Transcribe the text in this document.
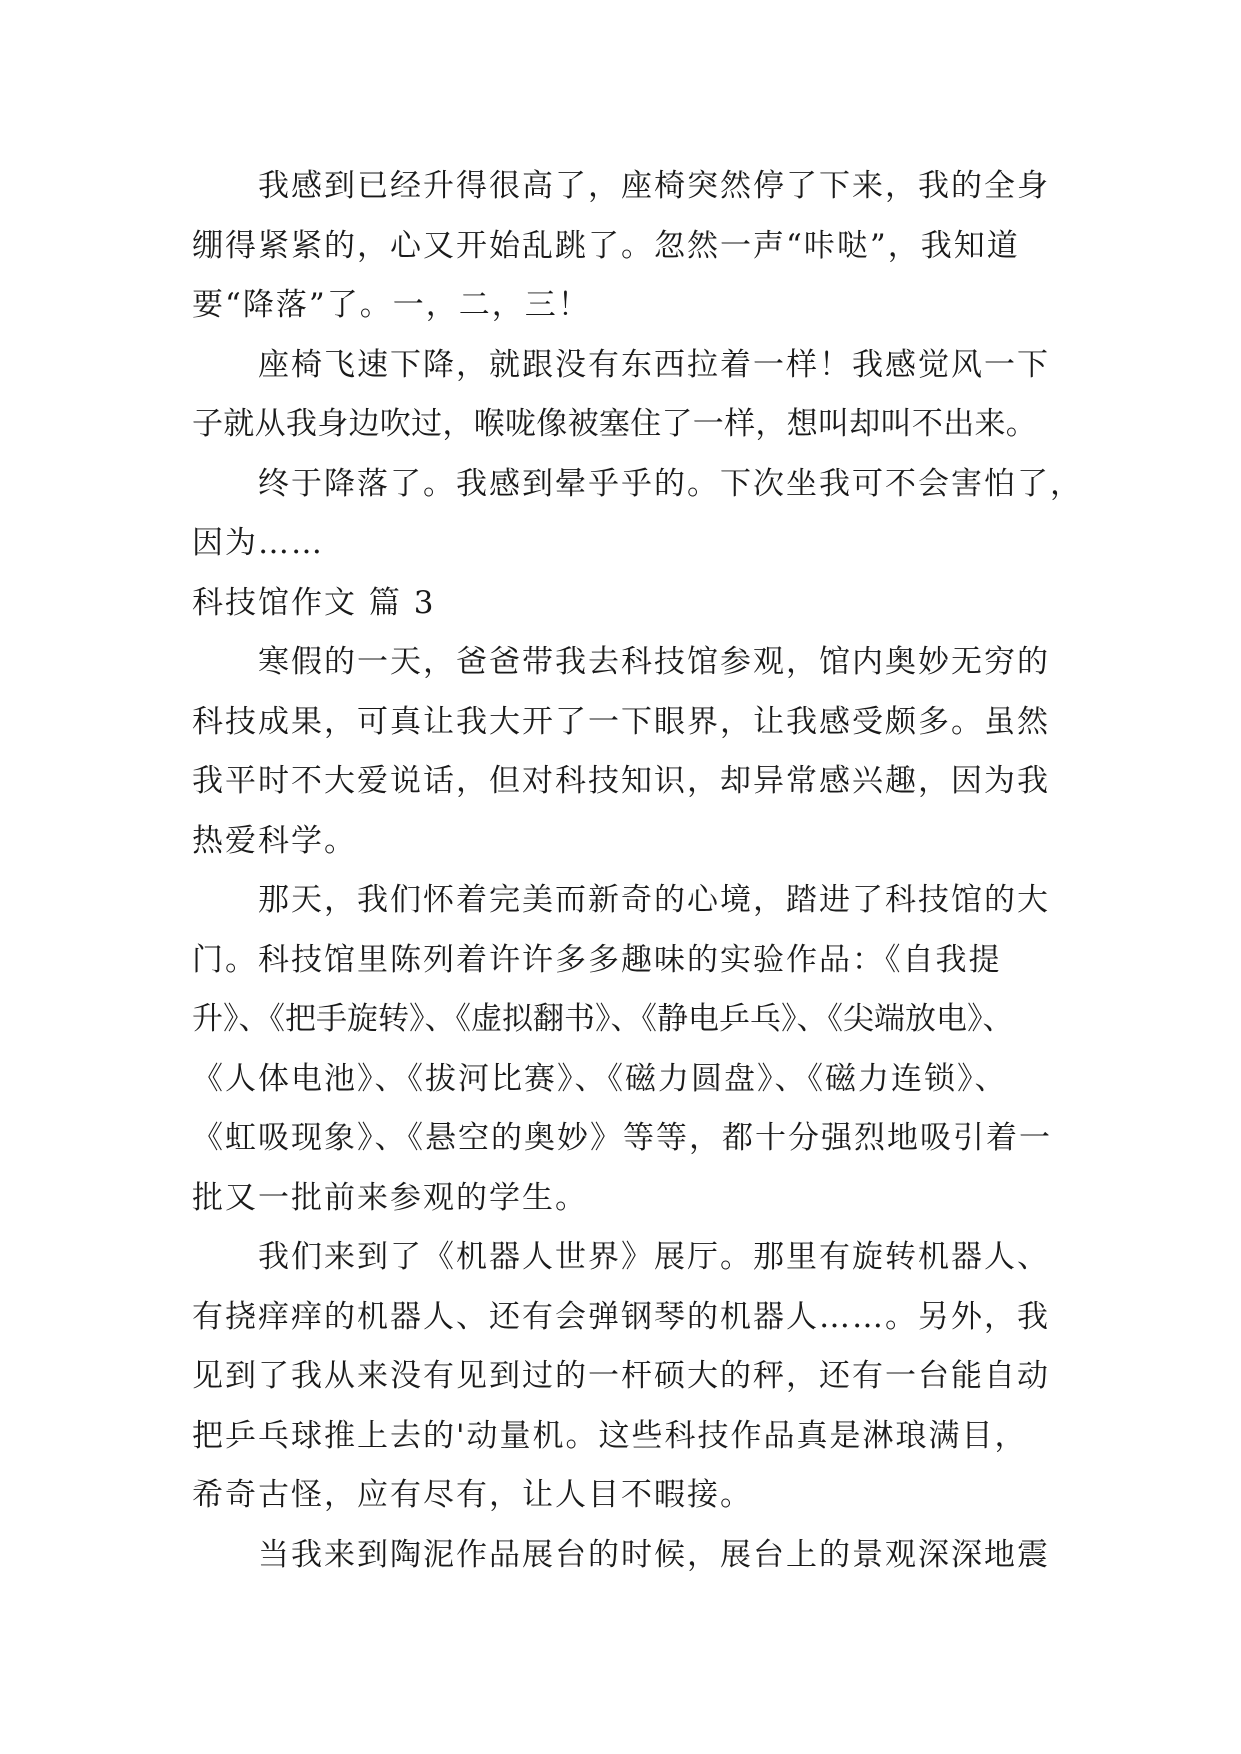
我感到已经升得很高了，座椅突然停了下来，我的全身
绷得紧紧的，心又开始乱跳了。忽然一声“咔哒”，我知道
要“降落”了。一，二，三！
座椅飞速下降，就跟没有东西拉着一样！我感觉风一下
子就从我身边吹过，喉咙像被塞住了一样，想叫却叫不出来。
终于降落了。我感到晕乎乎的。下次坐我可不会害怕了，
因为……
科技馆作文 篇 3
寒假的一天，爸爸带我去科技馆参观，馆内奥妙无穷的
科技成果，可真让我大开了一下眼界，让我感受颇多。虽然
我平时不大爱说话，但对科技知识，却异常感兴趣，因为我
热爱科学。
那天，我们怀着完美而新奇的心境，踏进了科技馆的大
门。科技馆里陈列着许许多多趣味的实验作品：《自我提
升》、《把手旋转》、《虚拟翻书》、《静电乒乓》、《尖端放电》、
《人体电池》、《拔河比赛》、《磁力圆盘》、《磁力连锁》、
《虹吸现象》、《悬空的奥妙》等等，都十分强烈地吸引着一
批又一批前来参观的学生。
我们来到了《机器人世界》展厅。那里有旋转机器人、
有挠痒痒的机器人、还有会弹钢琴的机器人……。另外，我
见到了我从来没有见到过的一杆硕大的秤，还有一台能自动
把乒乓球推上去的'动量机。这些科技作品真是淋琅满目，
希奇古怪，应有尽有，让人目不暇接。
当我来到陶泥作品展台的时候，展台上的景观深深地震
